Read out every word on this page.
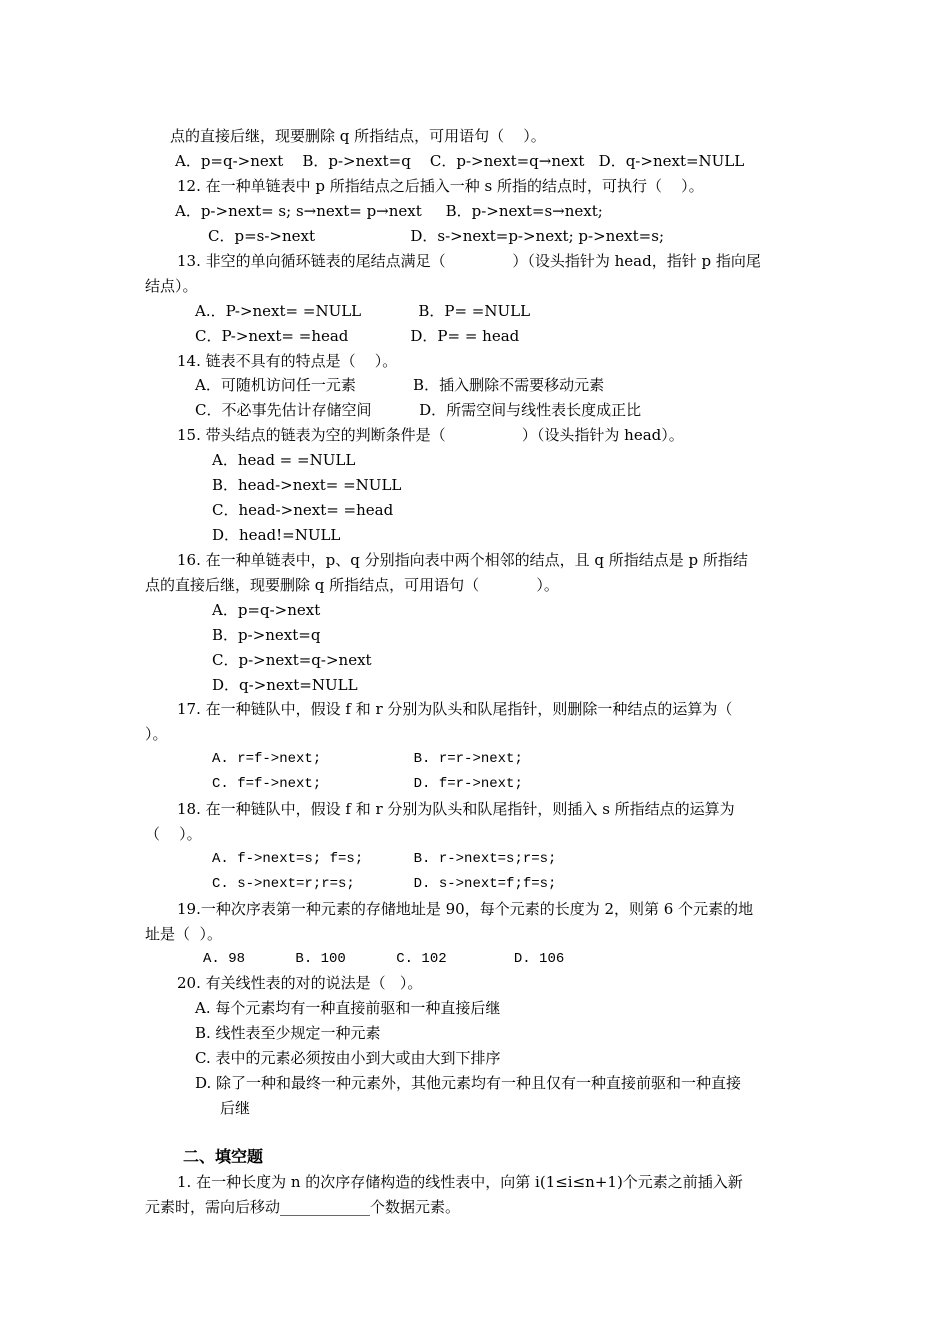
点的直接后继，现要删除 q 所指结点，可用语句（    ）。
A．p=q->next    B．p->next=q    C．p->next=q→next   D．q->next=NULL
12. 在一种单链表中 p 所指结点之后插入一种 s 所指的结点时，可执行（    ）。
A．p->next= s; s→next= p→next     B．p->next=s→next;
C．p=s->next                    D．s->next=p->next; p->next=s;
13. 非空的单向循环链表的尾结点满足（              ）（设头指针为 head，指针 p 指向尾
结点）。
A.．P->next= =NULL            B．P= =NULL
C．P->next= =head             D．P= = head
14. 链表不具有的特点是（    ）。
A．可随机访问任一元素            B．插入删除不需要移动元素
C．不必事先估计存储空间          D．所需空间与线性表长度成正比
15. 带头结点的链表为空的判断条件是（                ）（设头指针为 head）。
A．head = =NULL
B．head->next= =NULL
C．head->next= =head
D．head!=NULL
16. 在一种单链表中，p、q 分别指向表中两个相邻的结点，且 q 所指结点是 p 所指结
点的直接后继，现要删除 q 所指结点，可用语句（            ）。
A．p=q->next
B．p->next=q
C．p->next=q->next
D．q->next=NULL
17. 在一种链队中，假设 f 和 r 分别为队头和队尾指针，则删除一种结点的运算为（
）。
A. r=f->next;           B. r=r->next;
C. f=f->next;           D. f=r->next;
18. 在一种链队中，假设 f 和 r 分别为队头和队尾指针，则插入 s 所指结点的运算为
（    ）。
A. f->next=s; f=s;      B. r->next=s;r=s;
C. s->next=r;r=s;       D. s->next=f;f=s;
19.一种次序表第一种元素的存储地址是 90，每个元素的长度为 2，则第 6 个元素的地
址是（  ）。
A. 98      B. 100      C. 102        D. 106
20. 有关线性表的对的说法是（   ）。
A. 每个元素均有一种直接前驱和一种直接后继
B. 线性表至少规定一种元素
C. 表中的元素必须按由小到大或由大到下排序
D. 除了一种和最终一种元素外，其他元素均有一种且仅有一种直接前驱和一种直接
后继
二、填空题
1. 在一种长度为 n 的次序存储构造的线性表中，向第 i(1≤i≤n+1)个元素之前插入新
元素时，需向后移动____________个数据元素。
